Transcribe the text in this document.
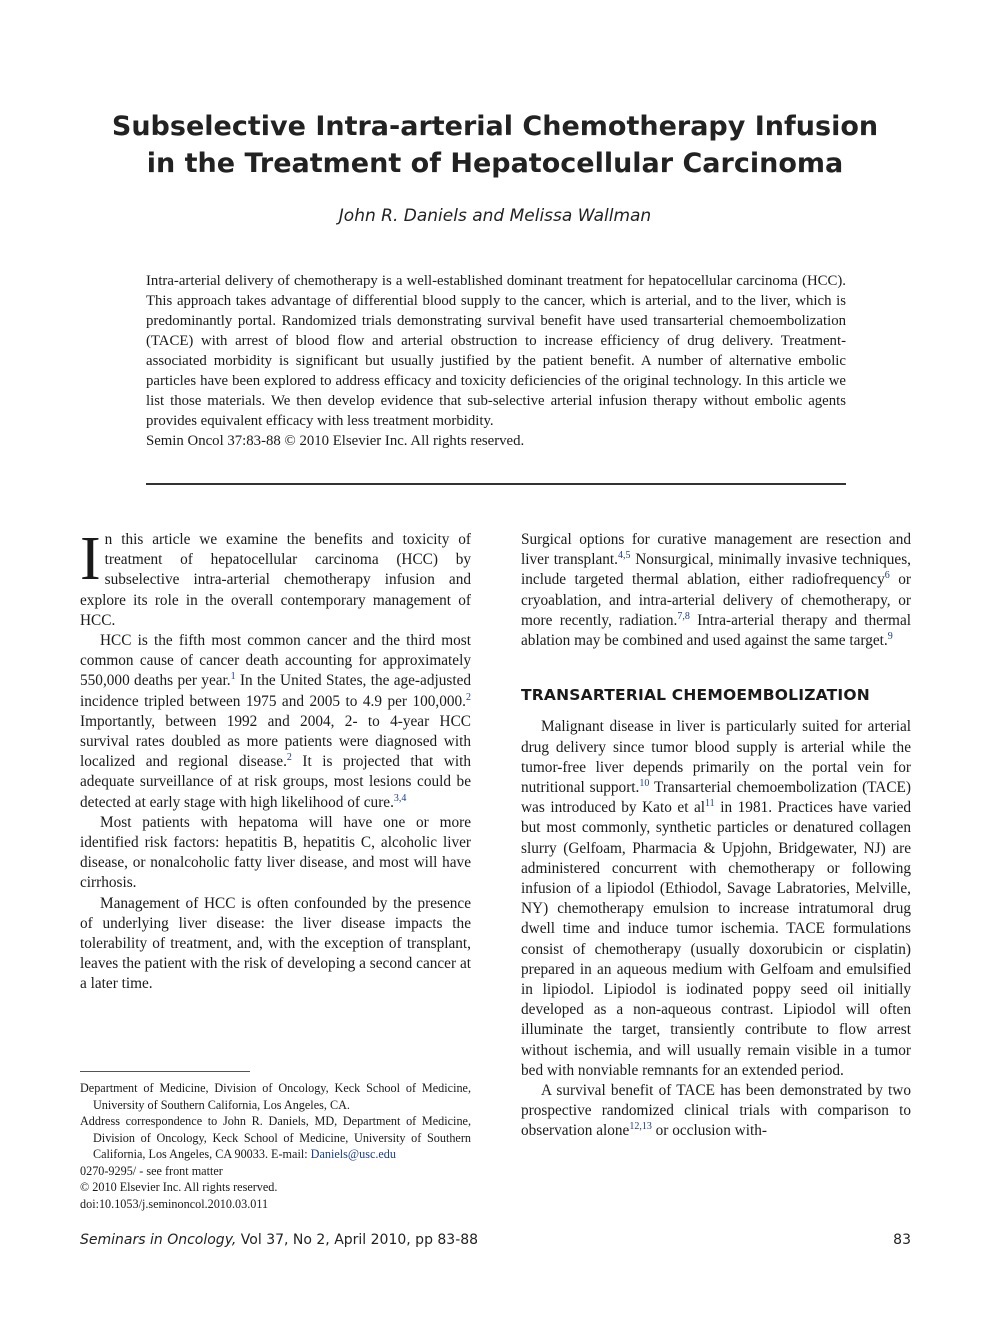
Subselective Intra-arterial Chemotherapy Infusion
in the Treatment of Hepatocellular Carcinoma
John R. Daniels and Melissa Wallman

Intra-arterial delivery of chemotherapy is a well-established dominant treatment for hepatocellular carcinoma (HCC). This approach takes advantage of differential blood supply to the cancer, which is arterial, and to the liver, which is predominantly portal. Randomized trials demonstrating survival benefit have used transarterial chemoembolization (TACE) with arrest of blood flow and arterial obstruction to increase efficiency of drug delivery. Treatment-associated morbidity is significant but usually justified by the patient benefit. A number of alternative embolic particles have been explored to address efficacy and toxicity deficiencies of the original technology. In this article we list those materials. We then develop evidence that sub-selective arterial infusion therapy without embolic agents provides equivalent efficacy with less treatment morbidity.

Semin Oncol 37:83-88 © 2010 Elsevier Inc. All rights reserved.

In this article we examine the benefits and toxicity of treatment of hepatocellular carcinoma (HCC) by subselective intra-arterial chemotherapy infusion and explore its role in the overall contemporary management of HCC.

HCC is the fifth most common cancer and the third most common cause of cancer death accounting for approximately 550,000 deaths per year.$^1$ In the United States, the age-adjusted incidence tripled between 1975 and 2005 to 4.9 per 100,000.$^2$ Importantly, between 1992 and 2004, 2- to 4-year HCC survival rates doubled as more patients were diagnosed with localized and regional disease.$^2$ It is projected that with adequate surveillance of at risk groups, most lesions could be detected at early stage with high likelihood of cure.$^{3,4}$

Most patients with hepatoma will have one or more identified risk factors: hepatitis B, hepatitis C, alcoholic liver disease, or nonalcoholic fatty liver disease, and most will have cirrhosis.

Management of HCC is often confounded by the presence of underlying liver disease: the liver disease impacts the tolerability of treatment, and, with the exception of transplant, leaves the patient with the risk of developing a second cancer at a later time.

Department of Medicine, Division of Oncology, Keck School of Medicine, University of Southern California, Los Angeles, CA.

Address correspondence to John R. Daniels, MD, Department of Medicine, Division of Oncology, Keck School of Medicine, University of Southern California, Los Angeles, CA 90033. E-mail: Daniels@usc.edu

0270-9295/ - see front matter

© 2010 Elsevier Inc. All rights reserved.

doi:10.1053/j.seminoncol.2010.03.011

Surgical options for curative management are resection and liver transplant.$^{4,5}$ Nonsurgical, minimally invasive techniques, include targeted thermal ablation, either radiofrequency$^6$ or cryoablation, and intra-arterial delivery of chemotherapy, or more recently, radiation.$^{7,8}$ Intra-arterial therapy and thermal ablation may be combined and used against the same target.$^9$

TRANSARTERIAL CHEMOEMBOLIZATION

Malignant disease in liver is particularly suited for arterial drug delivery since tumor blood supply is arterial while the tumor-free liver depends primarily on the portal vein for nutritional support.$^{10}$ Transarterial chemoembolization (TACE) was introduced by Kato et al$^{11}$ in 1981. Practices have varied but most commonly, synthetic particles or denatured collagen slurry (Gelfoam, Pharmacia & Upjohn, Bridgewater, NJ) are administered concurrent with chemotherapy or following infusion of a lipiodol (Ethiodol, Savage Labratories, Melville, NY) chemotherapy emulsion to increase intratumoral drug dwell time and induce tumor ischemia. TACE formulations consist of chemotherapy (usually doxorubicin or cisplatin) prepared in an aqueous medium with Gelfoam and emulsified in lipiodol. Lipiodol is iodinated poppy seed oil initially developed as a non-aqueous contrast. Lipiodol will often illuminate the target, transiently contribute to flow arrest without ischemia, and will usually remain visible in a tumor bed with nonviable remnants for an extended period.

A survival benefit of TACE has been demonstrated by two prospective randomized clinical trials with comparison to observation alone$^{12,13}$ or occlusion with-

Seminars in Oncology, Vol 37, No 2, April 2010, pp 83-88	83
